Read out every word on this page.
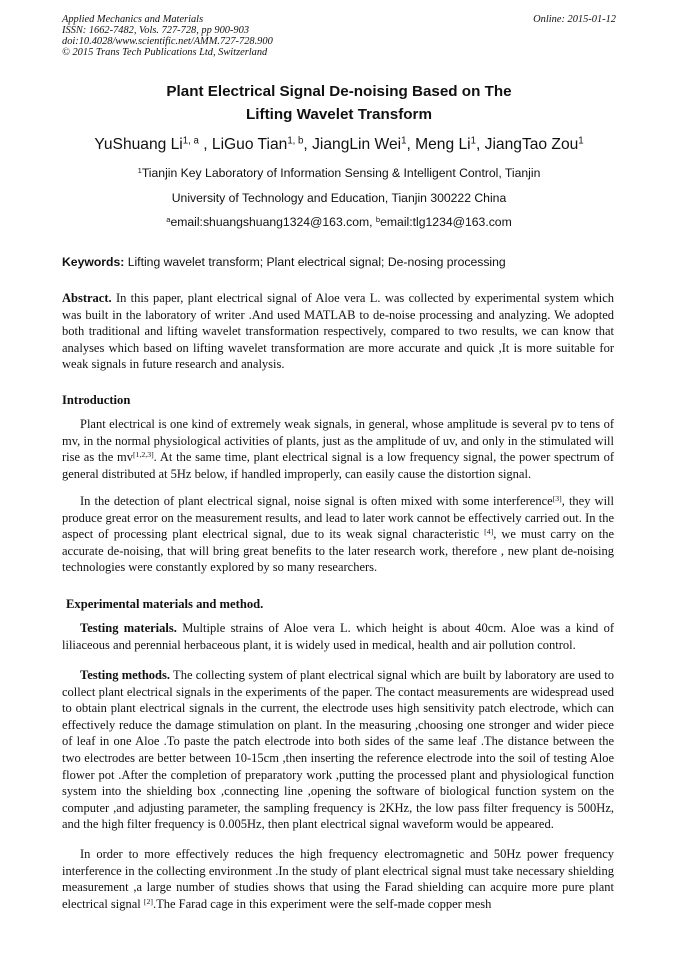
Applied Mechanics and Materials
ISSN: 1662-7482, Vols. 727-728, pp 900-903
doi:10.4028/www.scientific.net/AMM.727-728.900
© 2015 Trans Tech Publications Ltd, Switzerland
Online: 2015-01-12
Plant Electrical Signal De-noising Based on The
Lifting Wavelet Transform
YuShuang Li$^{1, a}$ , LiGuo Tian$^{1, b}$, JiangLin Wei$^1$, Meng Li$^1$, JiangTao Zou$^1$
$^1$Tianjin Key Laboratory of Information Sensing & Intelligent Control, Tianjin
University of Technology and Education, Tianjin 300222 China
$^a$email:shuangshuang1324@163.com, $^b$email:tlg1234@163.com
Keywords: Lifting wavelet transform; Plant electrical signal; De-nosing processing

Abstract. In this paper, plant electrical signal of Aloe vera L. was collected by experimental system which was built in the laboratory of writer .And used MATLAB to de-noise processing and analyzing. We adopted both traditional and lifting wavelet transformation respectively, compared to two results, we can know that analyses which based on lifting wavelet transformation are more accurate and quick ,It is more suitable for weak signals in future research and analysis.

Introduction

Plant electrical is one kind of extremely weak signals, in general, whose amplitude is several pv to tens of mv, in the normal physiological activities of plants, just as the amplitude of uv, and only in the stimulated will rise as the mv[1,2,3]. At the same time, plant electrical signal is a low frequency signal, the power spectrum of general distributed at 5Hz below, if handled improperly, can easily cause the distortion signal.

In the detection of plant electrical signal, noise signal is often mixed with some interference[3], they will produce great error on the measurement results, and lead to later work cannot be effectively carried out. In the aspect of processing plant electrical signal, due to its weak signal characteristic [4], we must carry on the accurate de-noising, that will bring great benefits to the later research work, therefore , new plant de-noising technologies were constantly explored by so many researchers.

Experimental materials and method.

Testing materials. Multiple strains of Aloe vera L. which height is about 40cm. Aloe was a kind of liliaceous and perennial herbaceous plant, it is widely used in medical, health and air pollution control.

Testing methods. The collecting system of plant electrical signal which are built by laboratory are used to collect plant electrical signals in the experiments of the paper. The contact measurements are widespread used to obtain plant electrical signals in the current, the electrode uses high sensitivity patch electrode, which can effectively reduce the damage stimulation on plant. In the measuring ,choosing one stronger and wider piece of leaf in one Aloe .To paste the patch electrode into both sides of the same leaf .The distance between the two electrodes are better between 10-15cm ,then inserting the reference electrode into the soil of testing Aloe flower pot .After the completion of preparatory work ,putting the processed plant and physiological function system into the shielding box ,connecting line ,opening the software of biological function system on the computer ,and adjusting parameter, the sampling frequency is 2KHz, the low pass filter frequency is 500Hz, and the high filter frequency is 0.005Hz, then plant electrical signal waveform would be appeared.

In order to more effectively reduces the high frequency electromagnetic and 50Hz power frequency interference in the collecting environment .In the study of plant electrical signal must take necessary shielding measurement ,a large number of studies shows that using the Farad shielding can acquire more pure plant electrical signal [2].The Farad cage in this experiment were the self-made copper mesh
